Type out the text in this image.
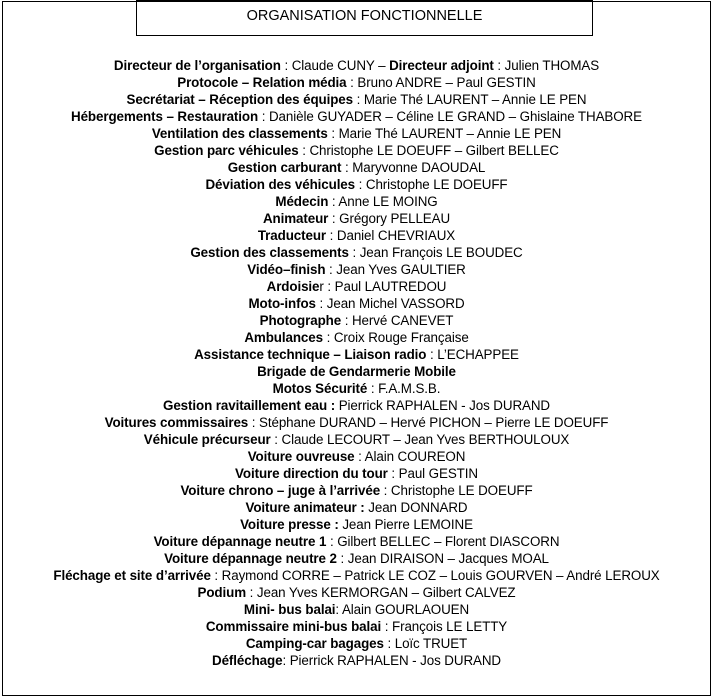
ORGANISATION FONCTIONNELLE
Directeur de l’organisation : Claude CUNY – Directeur adjoint : Julien THOMAS
Protocole – Relation média : Bruno ANDRE – Paul GESTIN
Secrétariat – Réception des équipes : Marie Thé LAURENT – Annie LE PEN
Hébergements – Restauration : Danièle GUYADER – Céline LE GRAND – Ghislaine THABORE
Ventilation des classements : Marie Thé LAURENT – Annie LE PEN
Gestion parc véhicules : Christophe LE DOEUFF – Gilbert BELLEC
Gestion carburant : Maryvonne DAOUDAL
Déviation des véhicules : Christophe LE DOEUFF
Médecin : Anne LE MOING
Animateur : Grégory PELLEAU
Traducteur : Daniel CHEVRIAUX
Gestion des classements : Jean François LE BOUDEC
Vidéo–finish : Jean Yves GAULTIER
Ardoisier : Paul LAUTREDOU
Moto-infos : Jean Michel VASSORD
Photographe : Hervé CANEVET
Ambulances : Croix Rouge Française
Assistance technique – Liaison radio : L’ECHAPPEE
Brigade de Gendarmerie Mobile
Motos Sécurité : F.A.M.S.B.
Gestion ravitaillement eau : Pierrick RAPHALEN - Jos DURAND
Voitures commissaires : Stéphane DURAND – Hervé PICHON – Pierre LE DOEUFF
Véhicule précurseur : Claude LECOURT – Jean Yves BERTHOULOUX
Voiture ouvreuse : Alain COUREON
Voiture direction du tour : Paul GESTIN
Voiture chrono – juge à l’arrivée : Christophe LE DOEUFF
Voiture animateur : Jean DONNARD
Voiture presse : Jean Pierre LEMOINE
Voiture dépannage neutre 1 : Gilbert BELLEC – Florent DIASCORN
Voiture dépannage neutre 2 : Jean DIRAISON – Jacques MOAL
Fléchage et site d’arrivée : Raymond CORRE – Patrick LE COZ – Louis GOURVEN – André LEROUX
Podium : Jean Yves KERMORGAN – Gilbert CALVEZ
Mini- bus balai: Alain GOURLAOUEN
Commissaire mini-bus balai : François LE LETTY
Camping-car bagages : Loïc TRUET
Défléchage: Pierrick RAPHALEN - Jos DURAND
